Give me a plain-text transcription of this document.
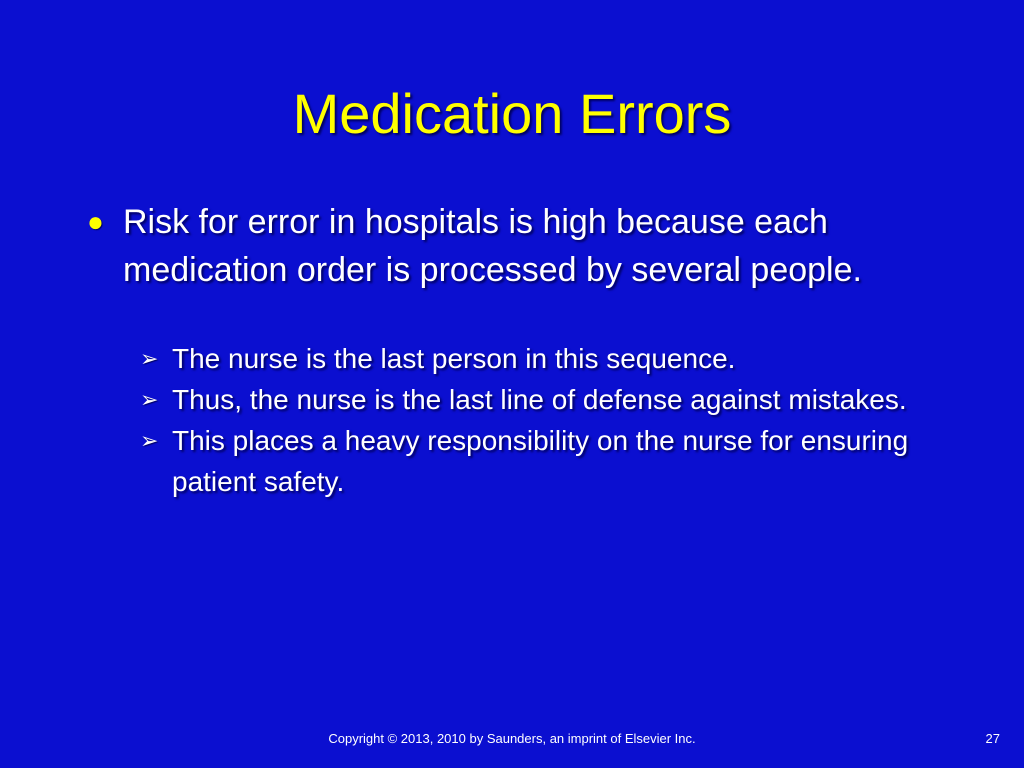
Medication Errors
● Risk for error in hospitals is high because each medication order is processed by several people.
➢ The nurse is the last person in this sequence.
➢ Thus, the nurse is the last line of defense against mistakes.
➢ This places a heavy responsibility on the nurse for ensuring patient safety.
Copyright © 2013, 2010 by Saunders, an imprint of Elsevier Inc.	27
